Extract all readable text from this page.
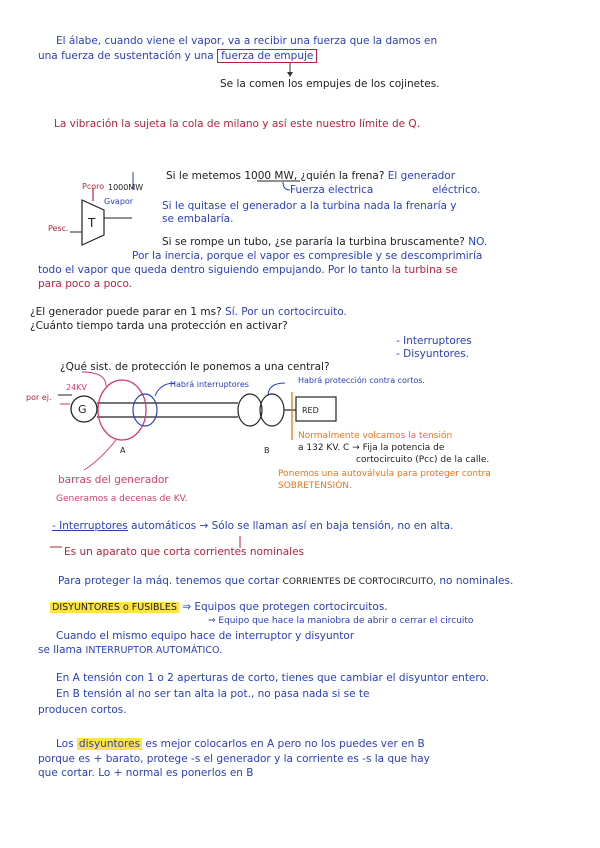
El álabe, cuando viene el vapor, va a recibir una fuerza que la damos en
una fuerza de sustentación y una fuerza de empuje
Se la comen los empujes de los cojinetes.
La vibración la sujeta la cola de milano y así este nuestro límite de Q.
Pcoro 1000MW
Gvapor
Pesc. T
Si le metemos 1000 MW, ¿quién la frena? El generador
Fuerza electrica	eléctrico.
Si le quitase el generador a la turbina nada la frenaría y
se embalaría.
Si se rompe un tubo, ¿se pararía la turbina bruscamente? NO.
Por la inercia, porque el vapor es compresible y se descomprimiría
todo el vapor que queda dentro siguiendo empujando. Por lo tanto la turbina se
para poco a poco.
¿El generador puede parar en 1 ms? Sí. Por un cortocircuito.
¿Cuánto tiempo tarda una protección en activar?
- Interruptores
- Disyuntores.
¿Qué sist. de protección le ponemos a una central?
24KV
por ej.
G	RED
A	B
Habrá interruptores	Habrá protección contra cortos.
Normalmente volcamos la tensión
a 132 KV. C → Fija la potencia de
cortocircuito (Pcc) de la calle.
Ponemos una autoválvula para proteger contra
SOBRETENSIÓN.
barras del generador
Generamos a decenas de KV.
- Interruptores automáticos → Sólo se llaman así en baja tensión, no en alta.
Es un aparato que corta corrientes nominales
Para proteger la máq. tenemos que cortar CORRIENTES DE CORTOCIRCUITO, no nominales.
DISYUNTORES o FUSIBLES ⇒ Equipos que protegen cortocircuitos.
⇒ Equipo que hace la maniobra de abrir o cerrar el circuito
Cuando el mismo equipo hace de interruptor y disyuntor
se llama INTERRUPTOR AUTOMÁTICO.
En A tensión con 1 o 2 aperturas de corto, tienes que cambiar el disyuntor entero.
En B tensión al no ser tan alta la pot., no pasa nada si se te
producen cortos.
Los disyuntores es mejor colocarlos en A pero no los puedes ver en B
porque es + barato, protege -s el generador y la corriente es -s la que hay
que cortar. Lo + normal es ponerlos en B
